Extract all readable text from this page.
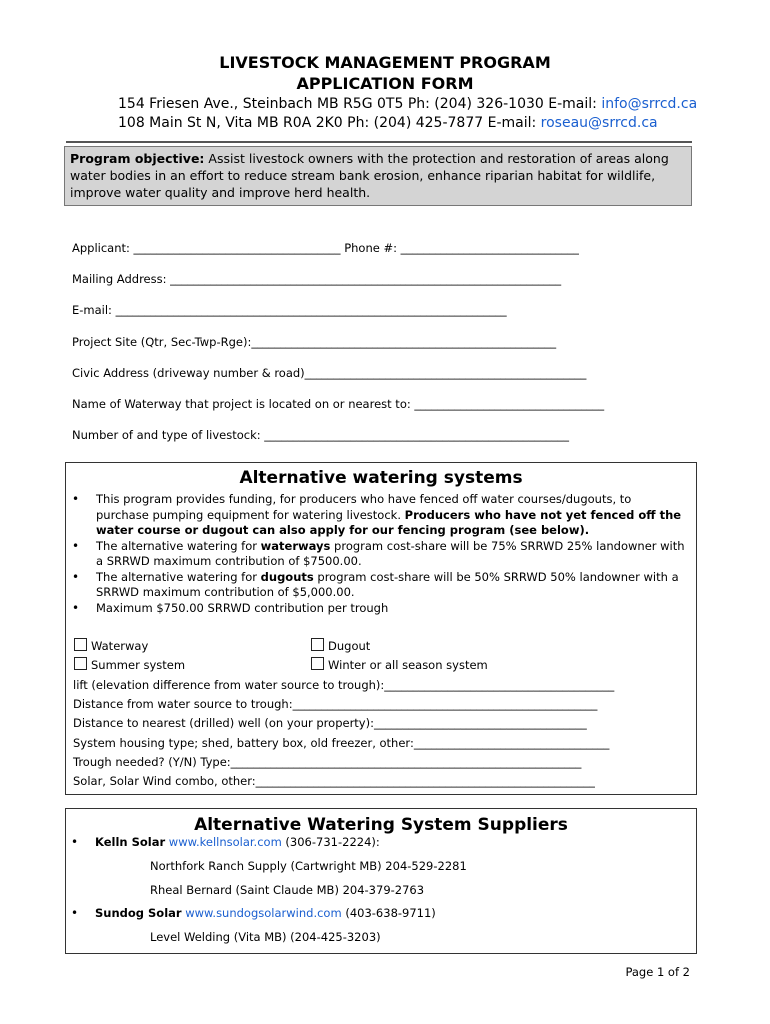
LIVESTOCK MANAGEMENT PROGRAM
APPLICATION FORM
154 Friesen Ave., Steinbach MB R5G 0T5 Ph: (204) 326-1030 E-mail: info@srrcd.ca
108 Main St N, Vita MB R0A 2K0 Ph: (204) 425-7877 E-mail: roseau@srrcd.ca
Program objective: Assist livestock owners with the protection and restoration of areas along water bodies in an effort to reduce stream bank erosion, enhance riparian habitat for wildlife, improve water quality and improve herd health.
Applicant: ____________________________________ Phone #: _______________________________
Mailing Address: ____________________________________________________________________
E-mail: ____________________________________________________________________
Project Site (Qtr, Sec-Twp-Rge):_____________________________________________________
Civic Address (driveway number & road)_________________________________________________
Name of Waterway that project is located on or nearest to: _________________________________
Number of and type of livestock: _____________________________________________________
Alternative watering systems
• This program provides funding, for producers who have fenced off water courses/dugouts, to purchase pumping equipment for watering livestock. Producers who have not yet fenced off the water course or dugout can also apply for our fencing program (see below).
• The alternative watering for waterways program cost-share will be 75% SRRWD 25% landowner with a SRRWD maximum contribution of $7500.00.
• The alternative watering for dugouts program cost-share will be 50% SRRWD 50% landowner with a SRRWD maximum contribution of $5,000.00.
• Maximum $750.00 SRRWD contribution per trough
Waterway	Dugout
Summer system	Winter or all season system
lift (elevation difference from water source to trough):________________________________________
Distance from water source to trough:_____________________________________________________
Distance to nearest (drilled) well (on your property):_____________________________________
System housing type; shed, battery box, old freezer, other:__________________________________
Trough needed? (Y/N) Type:_____________________________________________________________
Solar, Solar Wind combo, other:___________________________________________________________
Alternative Watering System Suppliers
• Kelln Solar www.kellnsolar.com (306-731-2224):
Northfork Ranch Supply (Cartwright MB) 204-529-2281
Rheal Bernard (Saint Claude MB) 204-379-2763
• Sundog Solar www.sundogsolarwind.com (403-638-9711)
Level Welding (Vita MB) (204-425-3203)
Page 1 of 2
